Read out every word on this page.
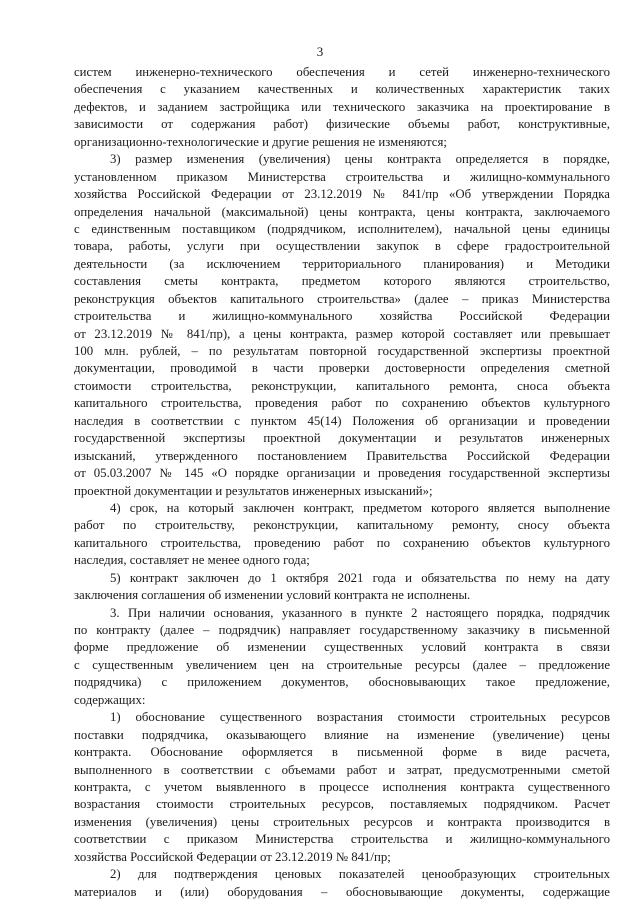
3
систем инженерно-технического обеспечения и сетей инженерно-технического
обеспечения с указанием качественных и количественных характеристик таких
дефектов, и заданием застройщика или технического заказчика на проектирование в
зависимости от содержания работ) физические объемы работ, конструктивные,
организационно-технологические и другие решения не изменяются;
3) размер изменения (увеличения) цены контракта определяется в порядке,
установленном приказом Министерства строительства и жилищно-коммунального
хозяйства Российской Федерации от 23.12.2019 № 841/пр «Об утверждении Порядка
определения начальной (максимальной) цены контракта, цены контракта, заключаемого
с единственным поставщиком (подрядчиком, исполнителем), начальной цены единицы
товара, работы, услуги при осуществлении закупок в сфере градостроительной
деятельности (за исключением территориального планирования) и Методики
составления сметы контракта, предметом которого являются строительство,
реконструкция объектов капитального строительства» (далее – приказ Министерства
строительства и жилищно-коммунального хозяйства Российской Федерации
от 23.12.2019 № 841/пр), а цены контракта, размер которой составляет или превышает
100 млн. рублей, – по результатам повторной государственной экспертизы проектной
документации, проводимой в части проверки достоверности определения сметной
стоимости строительства, реконструкции, капитального ремонта, сноса объекта
капитального строительства, проведения работ по сохранению объектов культурного
наследия в соответствии с пунктом 45(14) Положения об организации и проведении
государственной экспертизы проектной документации и результатов инженерных
изысканий, утвержденного постановлением Правительства Российской Федерации
от 05.03.2007 № 145 «О порядке организации и проведения государственной экспертизы
проектной документации и результатов инженерных изысканий»;
4) срок, на который заключен контракт, предметом которого является выполнение
работ по строительству, реконструкции, капитальному ремонту, сносу объекта
капитального строительства, проведению работ по сохранению объектов культурного
наследия, составляет не менее одного года;
5) контракт заключен до 1 октября 2021 года и обязательства по нему на дату
заключения соглашения об изменении условий контракта не исполнены.
3. При наличии основания, указанного в пункте 2 настоящего порядка, подрядчик
по контракту (далее – подрядчик) направляет государственному заказчику в письменной
форме предложение об изменении существенных условий контракта в связи
с существенным увеличением цен на строительные ресурсы (далее – предложение
подрядчика) с приложением документов, обосновывающих такое предложение,
содержащих:
1) обоснование существенного возрастания стоимости строительных ресурсов
поставки подрядчика, оказывающего влияние на изменение (увеличение) цены
контракта. Обоснование оформляется в письменной форме в виде расчета,
выполненного в соответствии с объемами работ и затрат, предусмотренными сметой
контракта, с учетом выявленного в процессе исполнения контракта существенного
возрастания стоимости строительных ресурсов, поставляемых подрядчиком. Расчет
изменения (увеличения) цены строительных ресурсов и контракта производится в
соответствии с приказом Министерства строительства и жилищно-коммунального
хозяйства Российской Федерации от 23.12.2019 № 841/пр;
2) для подтверждения ценовых показателей ценообразующих строительных
материалов и (или) оборудования – обосновывающие документы, содержащие
